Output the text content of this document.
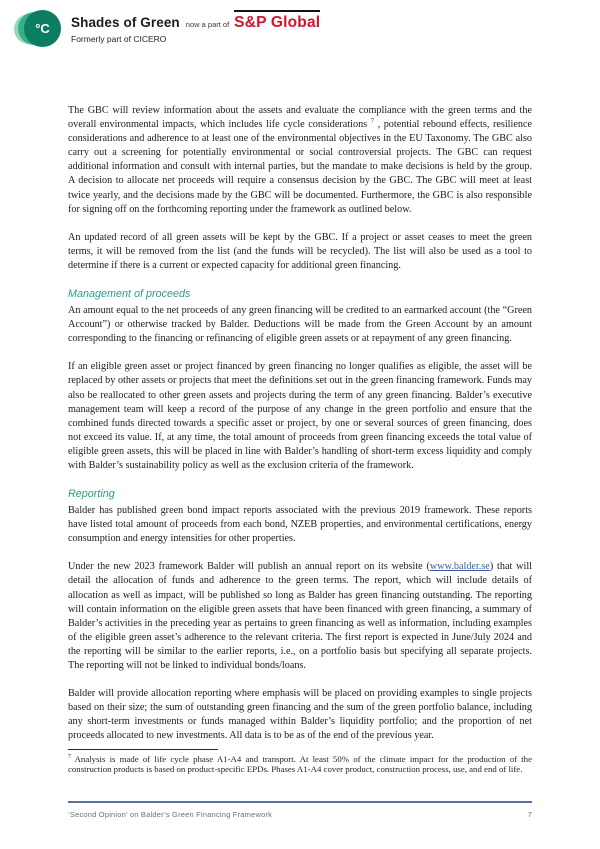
°C Shades of Green now a part of S&P Global
Formerly part of CICERO

The GBC will review information about the assets and evaluate the compliance with the green terms and the overall environmental impacts, which includes life cycle considerations $^7$ , potential rebound effects, resilience considerations and adherence to at least one of the environmental objectives in the EU Taxonomy. The GBC also carry out a screening for potentially environmental or social controversial projects. The GBC can request additional information and consult with internal parties, but the mandate to make decisions is held by the group. A decision to allocate net proceeds will require a consensus decision by the GBC. The GBC will meet at least twice yearly, and the decisions made by the GBC will be documented. Furthermore, the GBC is also responsible for signing off on the forthcoming reporting under the framework as outlined below.

An updated record of all green assets will be kept by the GBC. If a project or asset ceases to meet the green terms, it will be removed from the list (and the funds will be recycled). The list will also be used as a tool to determine if there is a current or expected capacity for additional green financing.

Management of proceeds

An amount equal to the net proceeds of any green financing will be credited to an earmarked account (the “Green Account”) or otherwise tracked by Balder. Deductions will be made from the Green Account by an amount corresponding to the financing or refinancing of eligible green assets or at repayment of any green financing.

If an eligible green asset or project financed by green financing no longer qualifies as eligible, the asset will be replaced by other assets or projects that meet the definitions set out in the green financing framework. Funds may also be reallocated to other green assets and projects during the term of any green financing. Balder’s executive management team will keep a record of the purpose of any change in the green portfolio and ensure that the combined funds directed towards a specific asset or project, by one or several sources of green financing, does not exceed its value. If, at any time, the total amount of proceeds from green financing exceeds the total value of eligible green assets, this will be placed in line with Balder’s handling of short-term excess liquidity and comply with Balder’s sustainability policy as well as the exclusion criteria of the framework.

Reporting

Balder has published green bond impact reports associated with the previous 2019 framework. These reports have listed total amount of proceeds from each bond, NZEB properties, and environmental certifications, energy consumption and energy intensities for other properties.

Under the new 2023 framework Balder will publish an annual report on its website (www.balder.se) that will detail the allocation of funds and adherence to the green terms. The report, which will include details of allocation as well as impact, will be published so long as Balder has green financing outstanding. The reporting will contain information on the eligible green assets that have been financed with green financing, a summary of Balder’s activities in the preceding year as pertains to green financing as well as information, including examples of the eligible green asset’s adherence to the relevant criteria. The first report is expected in June/July 2024 and the reporting will be similar to the earlier reports, i.e., on a portfolio basis but specifying all separate projects. The reporting will not be linked to individual bonds/loans.

Balder will provide allocation reporting where emphasis will be placed on providing examples to single projects based on their size; the sum of outstanding green financing and the sum of the green portfolio balance, including any short-term investments or funds managed within Balder’s liquidity portfolio; and the proportion of net proceeds allocated to new investments. All data is to be as of the end of the previous year.

$^7$ Analysis is made of life cycle phase A1-A4 and transport. At least 50% of the climate impact for the production of the construction products is based on product-specific EPDs. Phases A1-A4 cover product, construction process, use, and end of life.
‘Second Opinion’ on Balder’s Green Financing Framework	7
